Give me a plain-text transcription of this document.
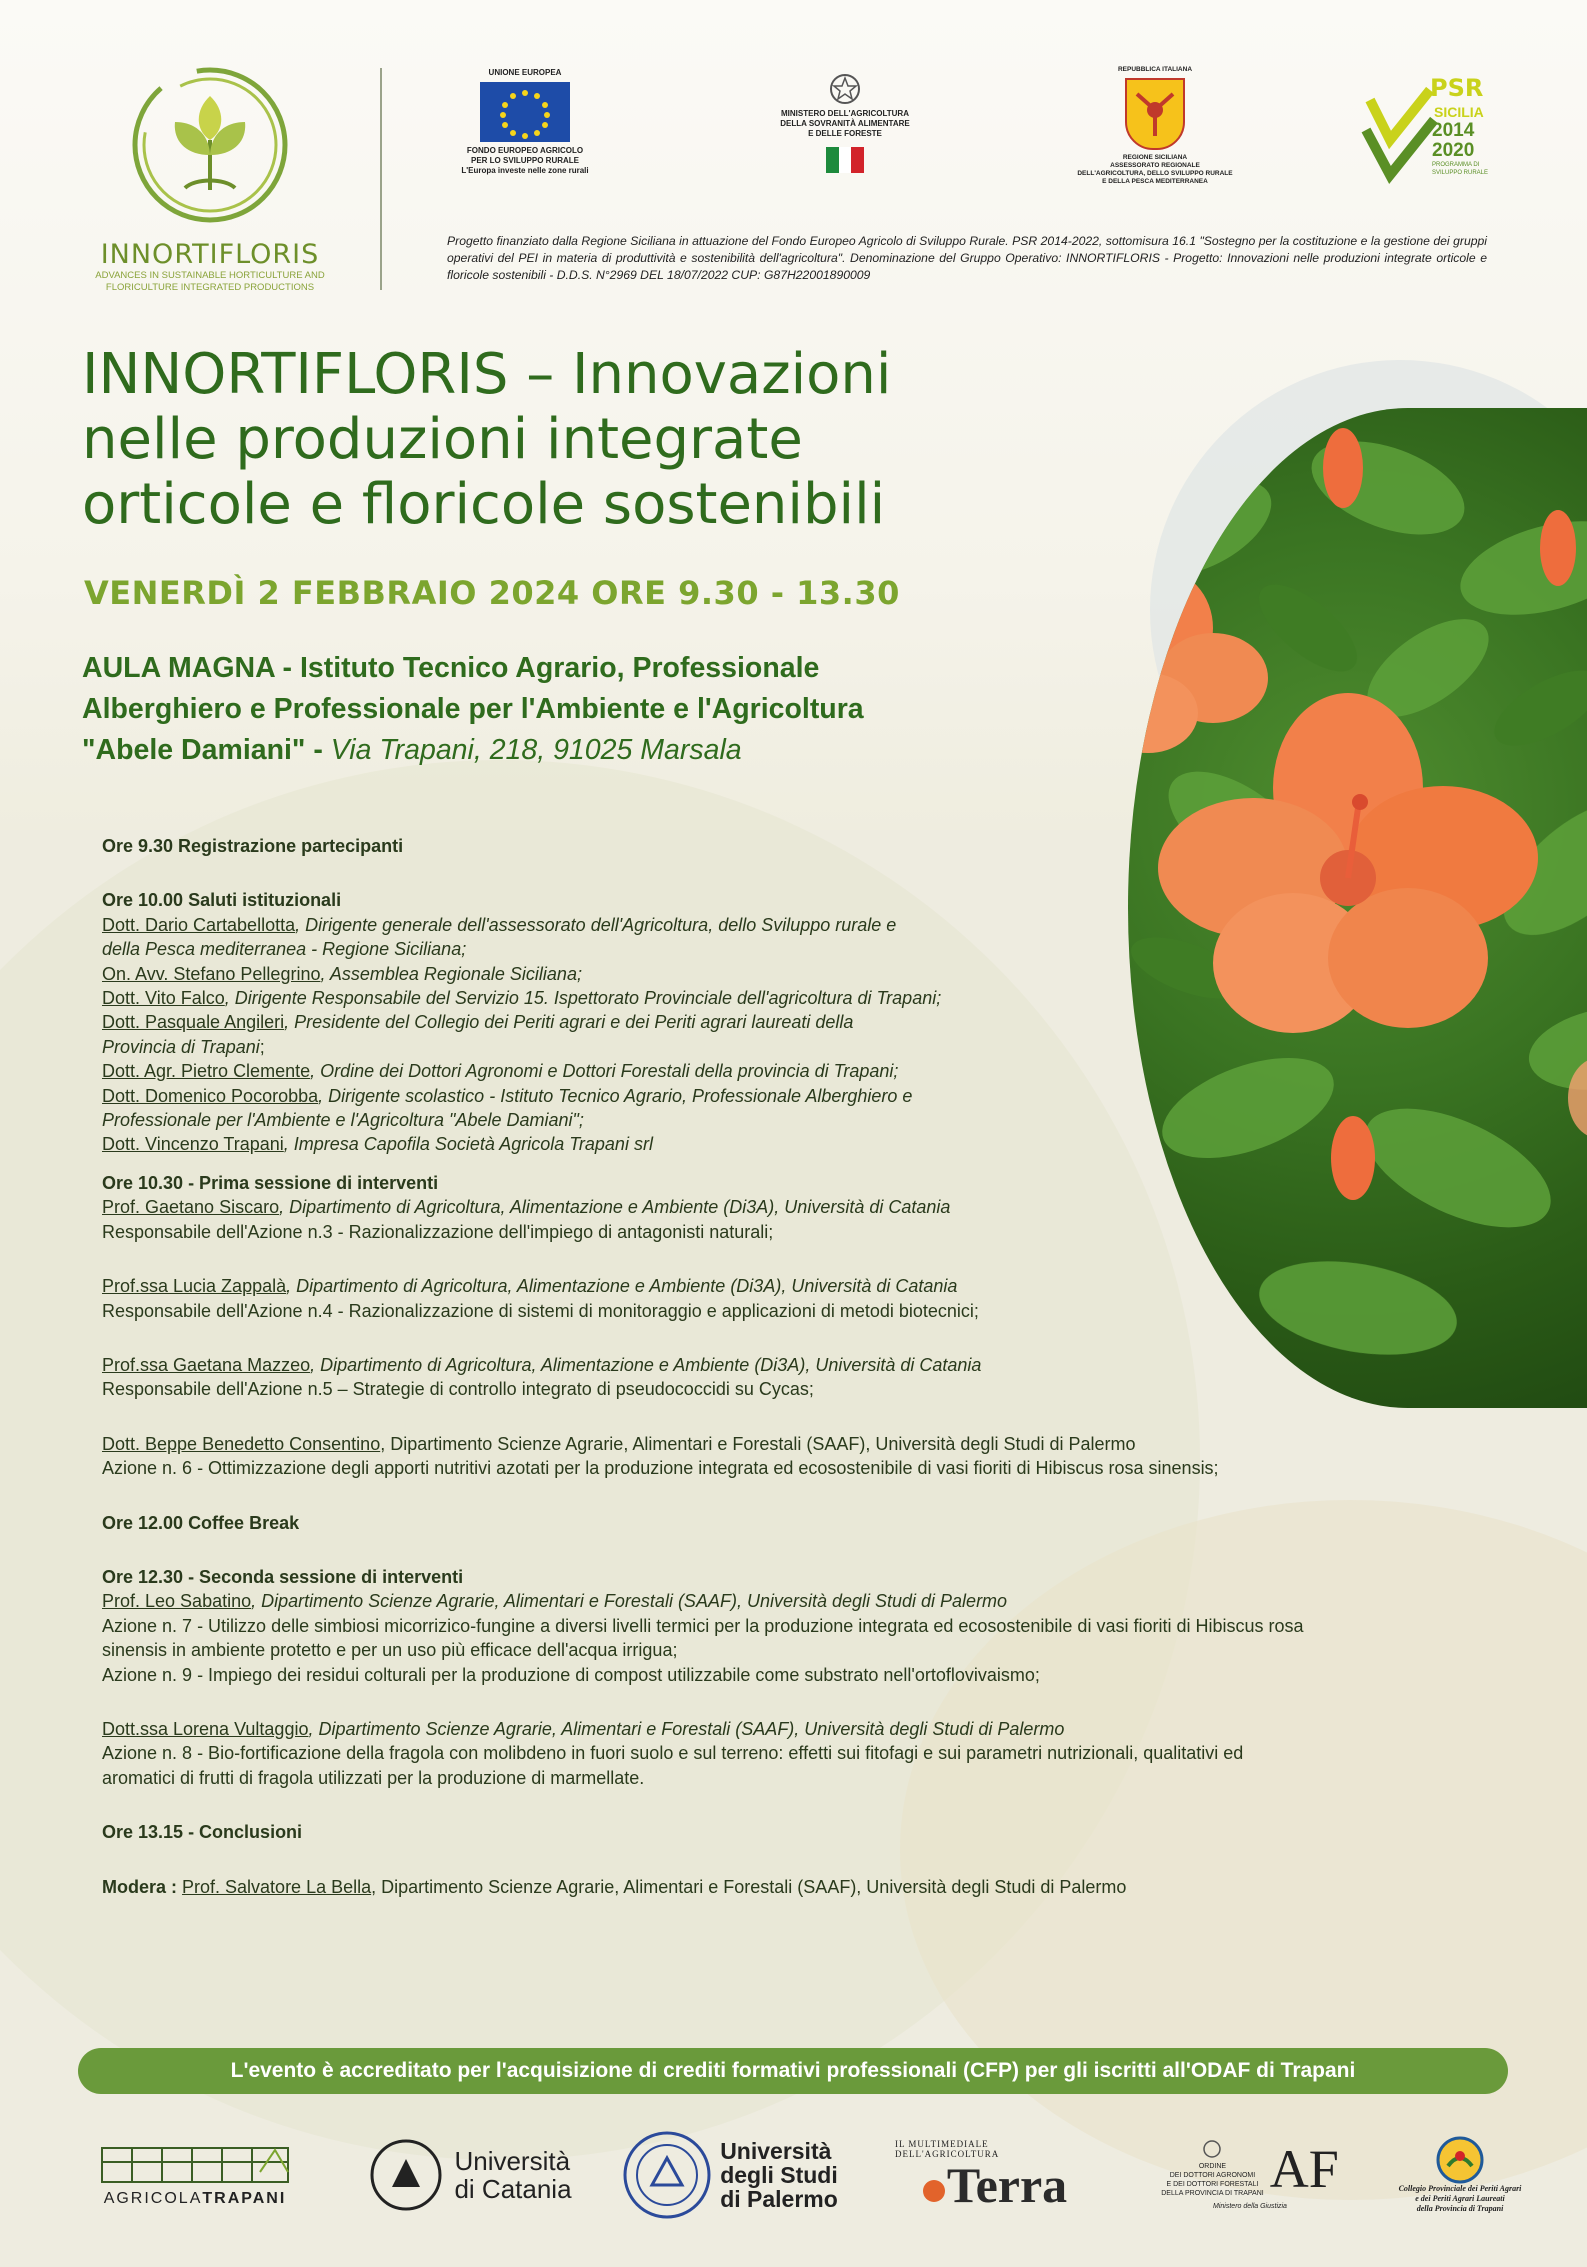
INNORTIFLORIS
ADVANCES IN SUSTAINABLE HORTICULTURE AND
FLORICULTURE INTEGRATED PRODUCTIONS
UNIONE EUROPEA
FONDO EUROPEO AGRICOLO
PER LO SVILUPPO RURALE
L'Europa investe nelle zone rurali
MINISTERO DELL'AGRICOLTURA
DELLA SOVRANITÀ ALIMENTARE
E DELLE FORESTE
REPUBBLICA ITALIANA
REGIONE SICILIANA
ASSESSORATO REGIONALE
DELL'AGRICOLTURA, DELLO SVILUPPO RURALE
E DELLA PESCA MEDITERRANEA
PSR
SICILIA
2014
2020
PROGRAMMA DI
SVILUPPO RURALE
Progetto finanziato dalla Regione Siciliana in attuazione del Fondo Europeo Agricolo di Sviluppo Rurale. PSR 2014-2022, sottomisura 16.1 "Sostegno per la costituzione e la gestione dei gruppi operativi del PEI in materia di produttività e sostenibilità dell'agricoltura". Denominazione del Gruppo Operativo: INNORTIFLORIS - Progetto: Innovazioni nelle produzioni integrate orticole e floricole sostenibili - D.D.S. N°2969 DEL 18/07/2022 CUP: G87H22001890009
INNORTIFLORIS – Innovazioni
nelle produzioni integrate
orticole e floricole sostenibili
VENERDÌ 2 FEBBRAIO 2024 ORE 9.30 - 13.30
AULA MAGNA - Istituto Tecnico Agrario, Professionale
Alberghiero e Professionale per l'Ambiente e l'Agricoltura
"Abele Damiani" - Via Trapani, 218, 91025 Marsala

Ore 9.30 Registrazione partecipanti

Ore 10.00 Saluti istituzionali

Dott. Dario Cartabellotta, Dirigente generale dell'assessorato dell'Agricoltura, dello Sviluppo rurale e

della Pesca mediterranea - Regione Siciliana;

On. Avv. Stefano Pellegrino, Assemblea Regionale Siciliana;

Dott. Vito Falco, Dirigente Responsabile del Servizio 15. Ispettorato Provinciale dell'agricoltura di Trapani;

Dott. Pasquale Angileri, Presidente del Collegio dei Periti agrari e dei Periti agrari laureati della

Provincia di Trapani;

Dott. Agr. Pietro Clemente, Ordine dei Dottori Agronomi e Dottori Forestali della provincia di Trapani;

Dott. Domenico Pocorobba, Dirigente scolastico - Istituto Tecnico Agrario, Professionale Alberghiero e

Professionale per l'Ambiente e l'Agricoltura "Abele Damiani";

Dott. Vincenzo Trapani, Impresa Capofila Società Agricola Trapani srl

Ore 10.30 - Prima sessione di interventi

Prof. Gaetano Siscaro, Dipartimento di Agricoltura, Alimentazione e Ambiente (Di3A), Università di Catania

Responsabile dell'Azione n.3 - Razionalizzazione dell'impiego di antagonisti naturali;

Prof.ssa Lucia Zappalà, Dipartimento di Agricoltura, Alimentazione e Ambiente (Di3A), Università di Catania

Responsabile dell'Azione n.4 - Razionalizzazione di sistemi di monitoraggio e applicazioni di metodi biotecnici;

Prof.ssa Gaetana Mazzeo, Dipartimento di Agricoltura, Alimentazione e Ambiente (Di3A), Università di Catania

Responsabile dell'Azione n.5 – Strategie di controllo integrato di pseudococcidi su Cycas;

Dott. Beppe Benedetto Consentino, Dipartimento Scienze Agrarie, Alimentari e Forestali (SAAF), Università degli Studi di Palermo

Azione n. 6 - Ottimizzazione degli apporti nutritivi azotati per la produzione integrata ed ecosostenibile di vasi fioriti di Hibiscus rosa sinensis;

Ore 12.00 Coffee Break

Ore 12.30 - Seconda sessione di interventi

Prof. Leo Sabatino, Dipartimento Scienze Agrarie, Alimentari e Forestali (SAAF), Università degli Studi di Palermo

Azione n. 7 - Utilizzo delle simbiosi micorrizico-fungine a diversi livelli termici per la produzione integrata ed ecosostenibile di vasi fioriti di Hibiscus rosa

sinensis in ambiente protetto e per un uso più efficace dell'acqua irrigua;

Azione n. 9 - Impiego dei residui colturali per la produzione di compost utilizzabile come substrato nell'ortoflovivaismo;

Dott.ssa Lorena Vultaggio, Dipartimento Scienze Agrarie, Alimentari e Forestali (SAAF), Università degli Studi di Palermo

Azione n. 8 - Bio-fortificazione della fragola con molibdeno in fuori suolo e sul terreno: effetti sui fitofagi e sui parametri nutrizionali, qualitativi ed

aromatici di frutti di fragola utilizzati per la produzione di marmellate.

Ore 13.15 - Conclusioni

Modera : Prof. Salvatore La Bella, Dipartimento Scienze Agrarie, Alimentari e Forestali (SAAF), Università degli Studi di Palermo

L'evento è accreditato per l'acquisizione di crediti formativi professionali (CFP) per gli iscritti all'ODAF di Trapani
AGRICOLATRAPANI
Università
di Catania
Università
degli Studi
di Palermo
IL MULTIMEDIALE DELL'AGRICOLTURA
Terra	ORDINE
DEI DOTTORI AGRONOMI
E DEI DOTTORI FORESTALI
DELLA PROVINCIA DI TRAPANI AF
Ministero della Giustizia
Collegio Provinciale dei Periti Agrari
e dei Periti Agrari Laureati
della Provincia di Trapani
